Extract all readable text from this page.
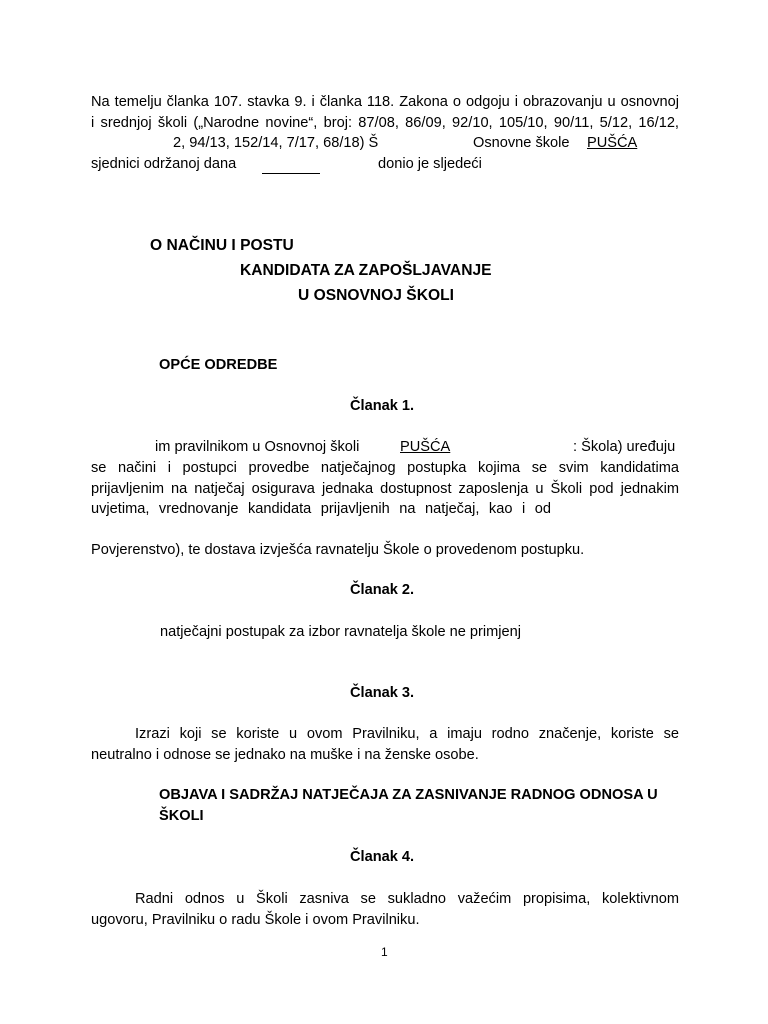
Na temelju članka 107. stavka 9. i članka 118. Zakona o odgoju i obrazovanju u osnovnoj
i srednjoj školi („Narodne novine“, broj: 87/08, 86/09, 92/10, 105/10, 90/11, 5/12, 16/12,
2, 94/13, 152/14, 7/17, 68/18) Š	Osnovne škole PUŠĆA
sjednici održanoj dana	donio je sljedeći
O NAČINU I POSTU
KANDIDATA ZA ZAPOŠLJAVANJE
U OSNOVNOJ ŠKOLI
OPĆE ODREDBE
Članak 1.
im pravilnikom u Osnovnoj školi	PUŠĆA	: Škola) uređuju
se načini i postupci provedbe natječajnog postupka kojima se svim kandidatima
prijavljenim na natječaj osigurava jednaka dostupnost zaposlenja u Školi pod jednakim
uvjetima, vrednovanje kandidata prijavljenih na natječaj, kao i od
Povjerenstvo), te dostava izvješća ravnatelju Škole o provedenom postupku.
Članak 2.
natječajni postupak za izbor ravnatelja škole ne primjenj
Članak 3.
Izrazi koji se koriste u ovom Pravilniku, a imaju rodno značenje, koriste se
neutralno i odnose se jednako na muške i na ženske osobe.
OBJAVA I SADRŽAJ NATJEČAJA ZA ZASNIVANJE RADNOG ODNOSA U
ŠKOLI
Članak 4.
Radni odnos u Školi zasniva se sukladno važećim propisima, kolektivnom
ugovoru, Pravilniku o radu Škole i ovom Pravilniku.
1
